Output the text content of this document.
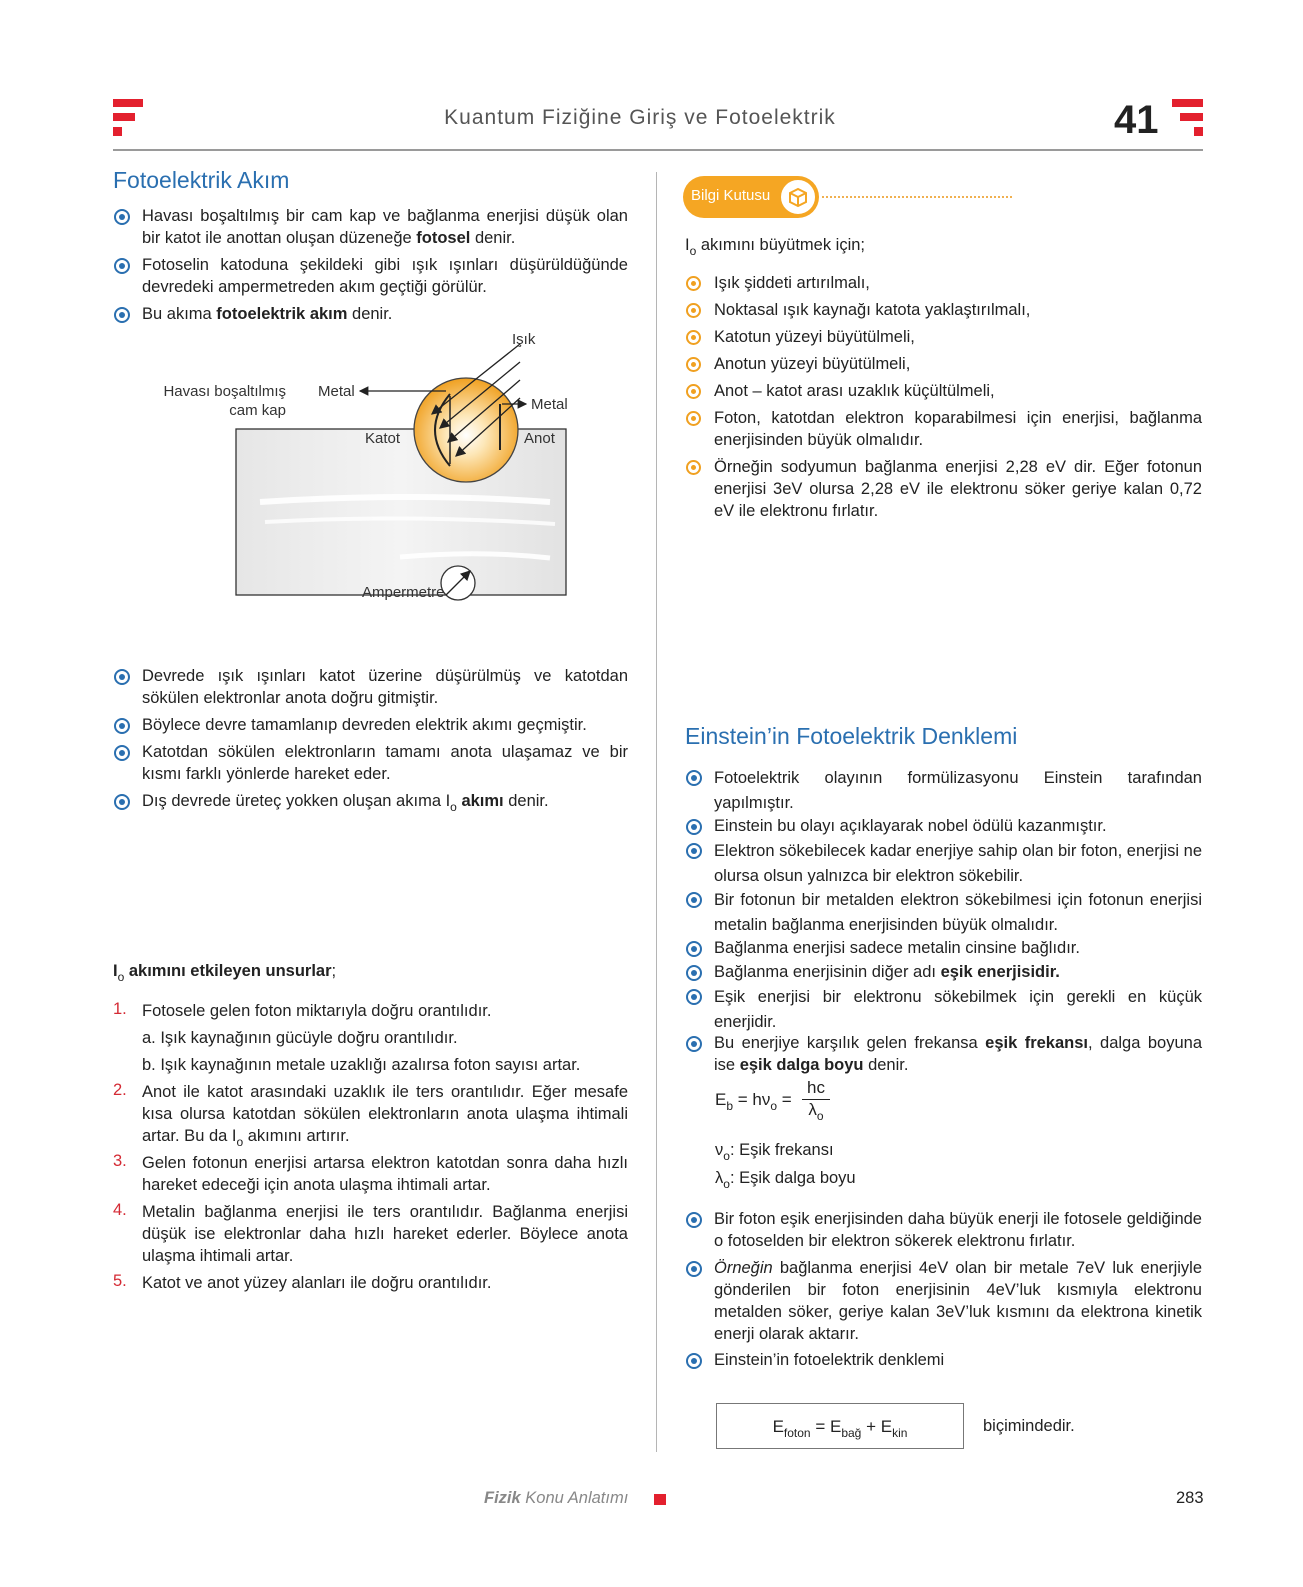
Kuantum Fiziğine Giriş ve Fotoelektrik	41
Fotoelektrik Akım
Havası boşaltılmış bir cam kap ve bağlanma enerjisi düşük olan bir katot ile anottan oluşan düzeneğe fotosel denir.
Fotoselin katoduna şekildeki gibi ışık ışınları düşürüldüğünde devredeki ampermetreden akım geçtiği görülür.
Bu akıma fotoelektrik akım denir.
Işık
Havası boşaltılmış
cam kap
Metal
Metal
Katot	Anot
Ampermetre
Devrede ışık ışınları katot üzerine düşürülmüş ve katotdan sökülen elektronlar anota doğru gitmiştir.
Böylece devre tamamlanıp devreden elektrik akımı geçmiştir.
Katotdan sökülen elektronların tamamı anota ulaşamaz ve bir kısmı farklı yönlerde hareket eder.
Dış devrede üreteç yokken oluşan akıma $I_o$ akımı denir.
$I_o$ akımını etkileyen unsurlar;
1. Fotosele gelen foton miktarıyla doğru orantılıdır.
a. Işık kaynağının gücüyle doğru orantılıdır.
b. Işık kaynağının metale uzaklığı azalırsa foton sayısı artar.
2. Anot ile katot arasındaki uzaklık ile ters orantılıdır. Eğer mesafe kısa olursa katotdan sökülen elektronların anota ulaşma ihtimali artar. Bu da $I_o$ akımını artırır.
3. Gelen fotonun enerjisi artarsa elektron katotdan sonra daha hızlı hareket edeceği için anota ulaşma ihtimali artar.
4. Metalin bağlanma enerjisi ile ters orantılıdır. Bağlanma enerjisi düşük ise elektronlar daha hızlı hareket ederler. Böylece anota ulaşma ihtimali artar.
5. Katot ve anot yüzey alanları ile doğru orantılıdır.
Bilgi Kutusu
$I_o$ akımını büyütmek için;
Işık şiddeti artırılmalı,
Noktasal ışık kaynağı katota yaklaştırılmalı,
Katotun yüzeyi büyütülmeli,
Anotun yüzeyi büyütülmeli,
Anot – katot arası uzaklık küçültülmeli,
Foton, katotdan elektron koparabilmesi için enerjisi, bağlanma enerjisinden büyük olmalıdır.
Örneğin sodyumun bağlanma enerjisi 2,28 eV dir. Eğer fotonun enerjisi 3eV olursa 2,28 eV ile elektronu söker geriye kalan 0,72 eV ile elektronu fırlatır.
Einstein’in Fotoelektrik Denklemi
Fotoelektrik olayının formülizasyonu Einstein tarafından yapılmıştır.
Einstein bu olayı açıklayarak nobel ödülü kazanmıştır.
Elektron sökebilecek kadar enerjiye sahip olan bir foton, enerjisi ne olursa olsun yalnızca bir elektron sökebilir.
Bir fotonun bir metalden elektron sökebilmesi için fotonun enerjisi metalin bağlanma enerjisinden büyük olmalıdır.
Bağlanma enerjisi sadece metalin cinsine bağlıdır.
Bağlanma enerjisinin diğer adı eşik enerjisidir.
Eşik enerjisi bir elektronu sökebilmek için gerekli en küçük enerjidir.
Bu enerjiye karşılık gelen frekansa eşik frekansı, dalga boyuna ise eşik dalga boyu denir.
$E_b = h\nu_o = \frac{hc}{\lambda_o}$
$\nu_o$: Eşik frekansı
$\lambda_o$: Eşik dalga boyu
Bir foton eşik enerjisinden daha büyük enerji ile fotosele geldiğinde o fotoselden bir elektron sökerek elektronu fırlatır.
Örneğin bağlanma enerjisi 4eV olan bir metale 7eV luk enerjiyle gönderilen bir foton enerjisinin 4eV’luk kısmıyla elektronu metalden söker, geriye kalan 3eV’luk kısmını da elektrona kinetik enerji olarak aktarır.
Einstein’in fotoelektrik denklemi
$E_{foton} = E_{bağ} + E_{kin}$	biçimindedir.
Fizik Konu Anlatımı	283
